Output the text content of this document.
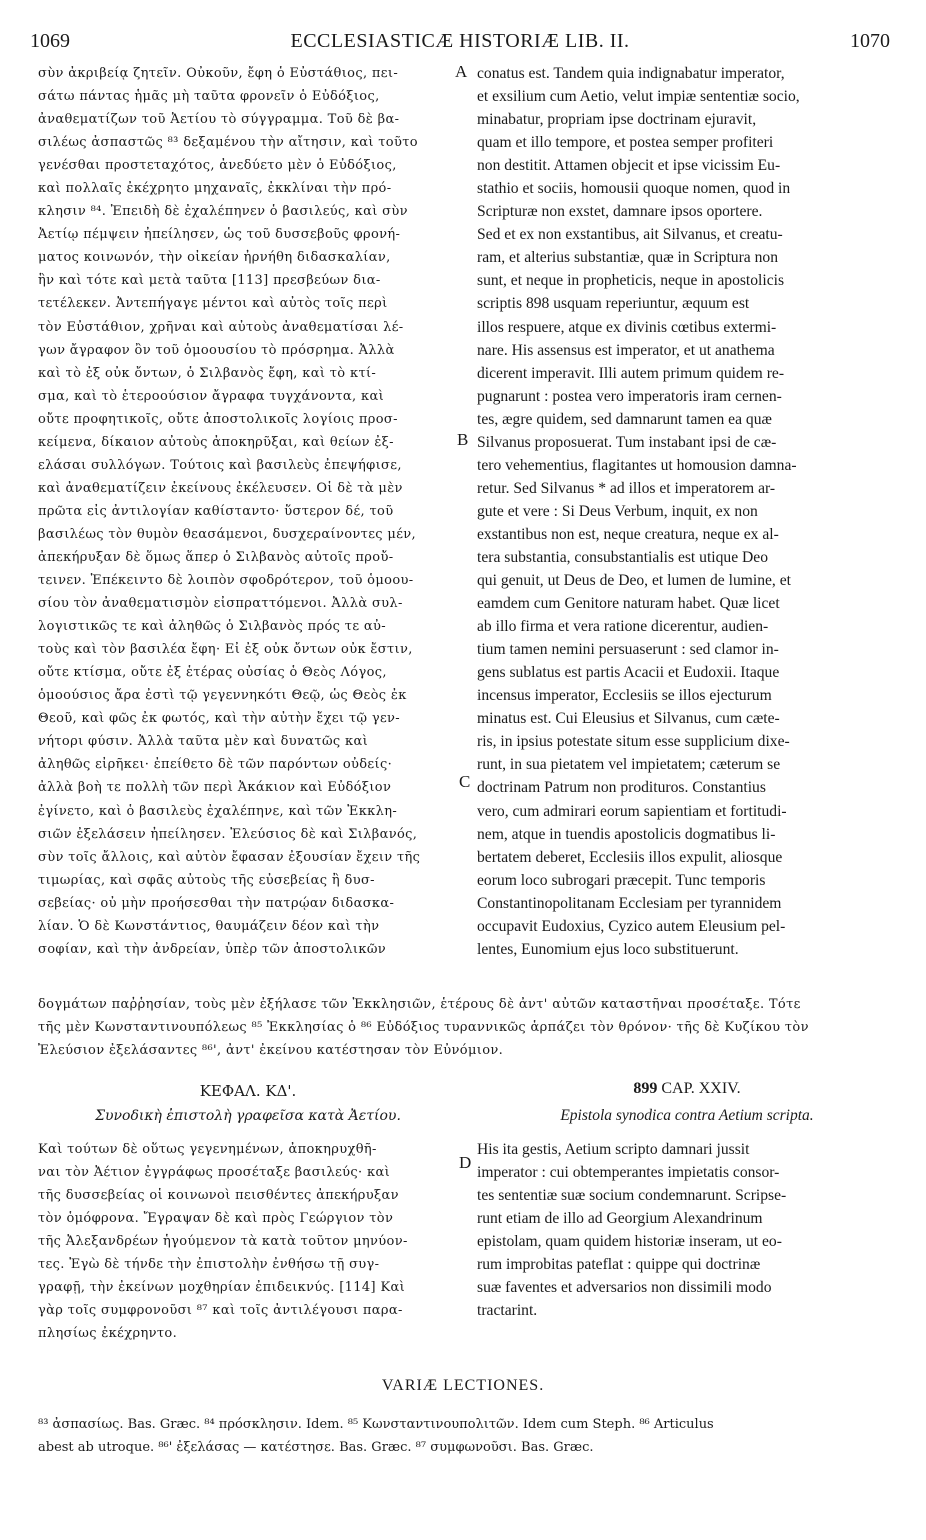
1069	ECCLESIASTICÆ HISTORIÆ LIB. II.	1070
A
B
C
D
σὺν ἀκριβείᾳ ζητεῖν. Οὐκοῦν, ἔφη ὁ Εὐστάθιος, πει-
σάτω πάντας ἡμᾶς μὴ ταῦτα φρονεῖν ὁ Εὐδόξιος,
ἀναθεματίζων τοῦ Ἀετίου τὸ σύγγραμμα. Τοῦ δὲ βα-
σιλέως ἀσπαστῶς ⁸³ δεξαμένου τὴν αἴτησιν, καὶ τοῦτο
γενέσθαι προστεταχότος, ἀνεδύετο μὲν ὁ Εὐδόξιος,
καὶ πολλαῖς ἐκέχρητο μηχαναῖς, ἐκκλίναι τὴν πρό-
κλησιν ⁸⁴. Ἐπειδὴ δὲ ἐχαλέπηνεν ὁ βασιλεύς, καὶ σὺν
Ἀετίῳ πέμψειν ἠπείλησεν, ὡς τοῦ δυσσεβοῦς φρονή-
ματος κοινωνόν, τὴν οἰκείαν ἠρνήθη διδασκαλίαν,
ἣν καὶ τότε καὶ μετὰ ταῦτα [113] πρεσβεύων δια-
τετέλεκεν. Ἀντεπήγαγε μέντοι καὶ αὐτὸς τοῖς περὶ
τὸν Εὐστάθιον, χρῆναι καὶ αὐτοὺς ἀναθεματίσαι λέ-
γων ἄγραφον ὂν τοῦ ὁμοουσίου τὸ πρόσρημα. Ἀλλὰ
καὶ τὸ ἐξ οὐκ ὄντων, ὁ Σιλβανὸς ἔφη, καὶ τὸ κτί-
σμα, καὶ τὸ ἑτεροούσιον ἄγραφα τυγχάνοντα, καὶ
οὔτε προφητικοῖς, οὔτε ἀποστολικοῖς λογίοις προσ-
κείμενα, δίκαιον αὐτοὺς ἀποκηρῦξαι, καὶ θείων ἐξ-
ελάσαι συλλόγων. Τούτοις καὶ βασιλεὺς ἐπεψήφισε,
καὶ ἀναθεματίζειν ἐκείνους ἐκέλευσεν. Οἱ δὲ τὰ μὲν
πρῶτα εἰς ἀντιλογίαν καθίσταντο· ὕστερον δέ, τοῦ
βασιλέως τὸν θυμὸν θεασάμενοι, δυσχεραίνοντες μέν,
ἀπεκήρυξαν δὲ ὅμως ἅπερ ὁ Σιλβανὸς αὐτοῖς προὔ-
τεινεν. Ἐπέκειντο δὲ λοιπὸν σφοδρότερον, τοῦ ὁμοου-
σίου τὸν ἀναθεματισμὸν εἰσπραττόμενοι. Ἀλλὰ συλ-
λογιστικῶς τε καὶ ἀληθῶς ὁ Σιλβανὸς πρός τε αὐ-
τοὺς καὶ τὸν βασιλέα ἔφη· Εἰ ἐξ οὐκ ὄντων οὐκ ἔστιν,
οὔτε κτίσμα, οὔτε ἐξ ἑτέρας οὐσίας ὁ Θεὸς Λόγος,
ὁμοούσιος ἄρα ἐστὶ τῷ γεγεννηκότι Θεῷ, ὡς Θεὸς ἐκ
Θεοῦ, καὶ φῶς ἐκ φωτός, καὶ τὴν αὐτὴν ἔχει τῷ γεν-
νήτορι φύσιν. Ἀλλὰ ταῦτα μὲν καὶ δυνατῶς καὶ
ἀληθῶς εἰρῆκει· ἐπείθετο δὲ τῶν παρόντων οὐδείς·
ἀλλὰ βοὴ τε πολλὴ τῶν περὶ Ἀκάκιον καὶ Εὐδόξιον
ἐγίνετο, καὶ ὁ βασιλεὺς ἐχαλέπηνε, καὶ τῶν Ἐκκλη-
σιῶν ἐξελάσειν ἠπείλησεν. Ἐλεύσιος δὲ καὶ Σιλβανός,
σὺν τοῖς ἄλλοις, καὶ αὐτὸν ἔφασαν ἐξουσίαν ἔχειν τῆς
τιμωρίας, καὶ σφᾶς αὐτοὺς τῆς εὐσεβείας ἢ δυσ-
σεβείας· οὐ μὴν προήσεσθαι τὴν πατρῴαν διδασκα-
λίαν. Ὁ δὲ Κωνστάντιος, θαυμάζειν δέον καὶ τὴν
σοφίαν, καὶ τὴν ἀνδρείαν, ὑπὲρ τῶν ἀποστολικῶν
conatus est. Tandem quia indignabatur imperator,
et exsilium cum Aetio, velut impiæ sententiæ socio,
minabatur, propriam ipse doctrinam ejuravit,
quam et illo tempore, et postea semper profiteri
non destitit. Attamen objecit et ipse vicissim Eu-
stathio et sociis, homousii quoque nomen, quod in
Scripturæ non exstet, damnare ipsos oportere.
Sed et ex non exstantibus, ait Silvanus, et creatu-
ram, et alterius substantiæ, quæ in Scriptura non
sunt, et neque in propheticis, neque in apostolicis
scriptis 898 usquam reperiuntur, æquum est
illos respuere, atque ex divinis cœtibus extermi-
nare. His assensus est imperator, et ut anathema
dicerent imperavit. Illi autem primum quidem re-
pugnarunt : postea vero imperatoris iram cernen-
tes, ægre quidem, sed damnarunt tamen ea quæ
Silvanus proposuerat. Tum instabant ipsi de cæ-
tero vehementius, flagitantes ut homousion damna-
retur. Sed Silvanus * ad illos et imperatorem ar-
gute et vere : Si Deus Verbum, inquit, ex non
exstantibus non est, neque creatura, neque ex al-
tera substantia, consubstantialis est utique Deo
qui genuit, ut Deus de Deo, et lumen de lumine, et
eamdem cum Genitore naturam habet. Quæ licet
ab illo firma et vera ratione dicerentur, audien-
tium tamen nemini persuaserunt : sed clamor in-
gens sublatus est partis Acacii et Eudoxii. Itaque
incensus imperator, Ecclesiis se illos ejecturum
minatus est. Cui Eleusius et Silvanus, cum cæte-
ris, in ipsius potestate situm esse supplicium dixe-
runt, in sua pietatem vel impietatem; cæterum se
doctrinam Patrum non prodituros. Constantius
vero, cum admirari eorum sapientiam et fortitudi-
nem, atque in tuendis apostolicis dogmatibus li-
bertatem deberet, Ecclesiis illos expulit, aliosque
eorum loco subrogari præcepit. Tunc temporis
Constantinopolitanam Ecclesiam per tyrannidem
occupavit Eudoxius, Cyzico autem Eleusium pel-
lentes, Eunomium ejus loco substituerunt.
δογμάτων παῤῥησίαν, τοὺς μὲν ἐξήλασε τῶν Ἐκκλησιῶν, ἑτέρους δὲ ἀντ' αὐτῶν καταστῆναι προσέταξε. Τότε
τῆς μὲν Κωνσταντινουπόλεως ⁸⁵ Ἐκκλησίας ὁ ⁸⁶ Εὐδόξιος τυραννικῶς ἁρπάζει τὸν θρόνον· τῆς δὲ Κυζίκου τὸν
Ἐλεύσιον ἐξελάσαντες ⁸⁶', ἀντ' ἐκείνου κατέστησαν τὸν Εὐνόμιον.
ΚΕΦΑΛ. ΚΔ'.
Συνοδικὴ ἐπιστολὴ γραφεῖσα κατὰ Ἀετίου.
899 CAP. XXIV.
Epistola synodica contra Aetium scripta.
Καὶ τούτων δὲ οὕτως γεγενημένων, ἀποκηρυχθῆ-
ναι τὸν Ἀέτιον ἐγγράφως προσέταξε βασιλεύς· καὶ
τῆς δυσσεβείας οἱ κοινωνοὶ πεισθέντες ἀπεκήρυξαν
τὸν ὁμόφρονα. Ἔγραψαν δὲ καὶ πρὸς Γεώργιον τὸν
τῆς Ἀλεξανδρέων ἡγούμενον τὰ κατὰ τοῦτον μηνύον-
τες. Ἐγὼ δὲ τήνδε τὴν ἐπιστολὴν ἐνθήσω τῇ συγ-
γραφῇ, τὴν ἐκείνων μοχθηρίαν ἐπιδεικνύς. [114] Καὶ
γὰρ τοῖς συμφρονοῦσι ⁸⁷ καὶ τοῖς ἀντιλέγουσι παρα-
πλησίως ἐκέχρηντο.
His ita gestis, Aetium scripto damnari jussit
imperator : cui obtemperantes impietatis consor-
tes sententiæ suæ socium condemnarunt. Scripse-
runt etiam de illo ad Georgium Alexandrinum
epistolam, quam quidem historiæ inseram, ut eo-
rum improbitas pateflat : quippe qui doctrinæ
suæ faventes et adversarios non dissimili modo
tractarint.
VARIÆ LECTIONES.
⁸³ ἀσπασίως. Bas. Græc. ⁸⁴ πρόσκλησιν. Idem. ⁸⁵ Κωνσταντινουπολιτῶν. Idem cum Steph. ⁸⁶ Articulus
abest ab utroque. ⁸⁶' ἐξελάσας — κατέστησε. Bas. Græc. ⁸⁷ συμφωνοῦσι. Bas. Græc.
